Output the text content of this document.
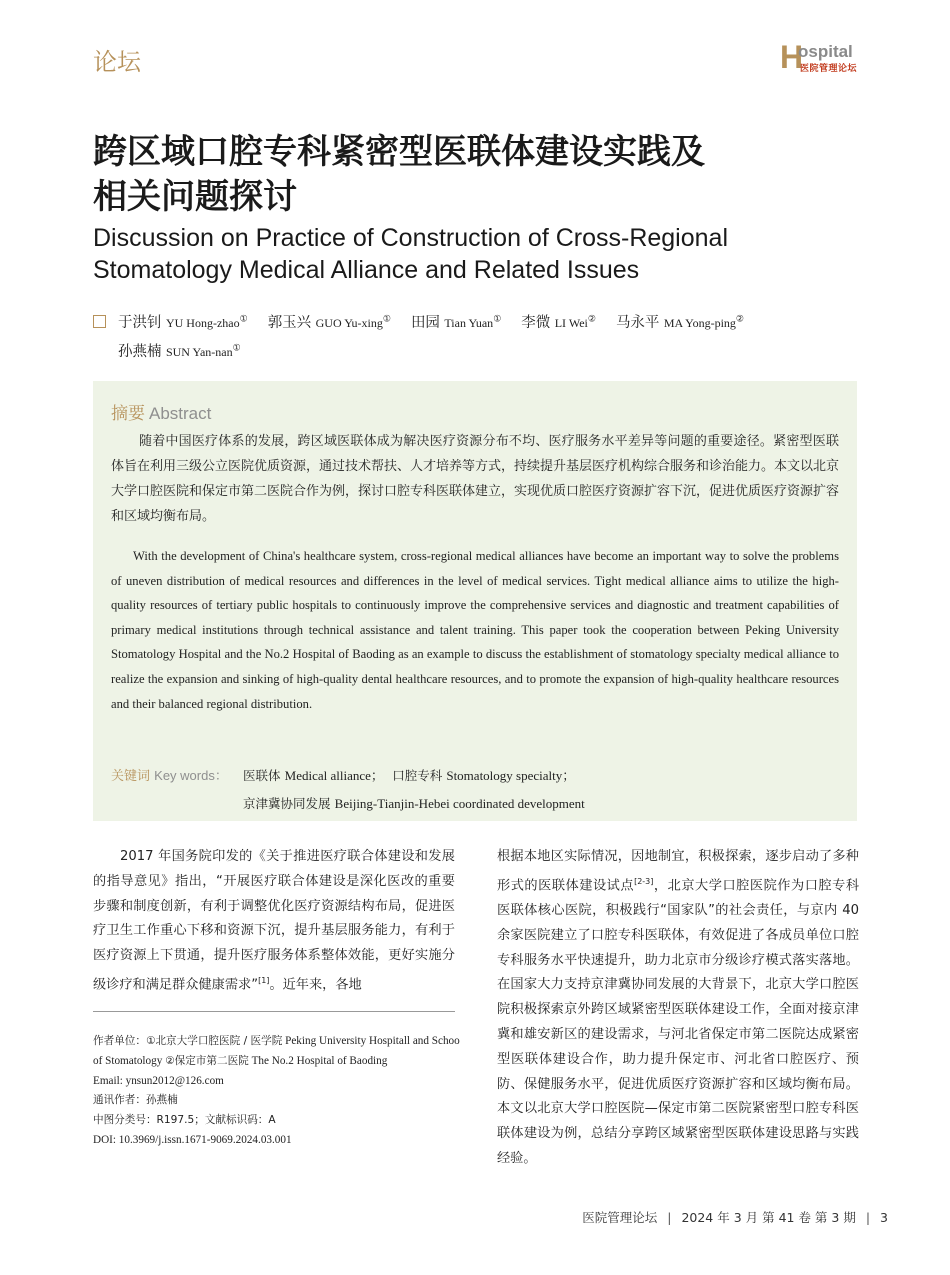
论坛	H
ospital
医院管理论坛
跨区域口腔专科紧密型医联体建设实践及
相关问题探讨
Discussion on Practice of Construction of Cross-Regional
Stomatology Medical Alliance and Related Issues
于洪钊 YU Hong-zhao① 郭玉兴 GUO Yu-xing① 田园 Tian Yuan① 李微 LI Wei② 马永平 MA Yong-ping②
孙燕楠 SUN Yan-nan①
摘要 Abstract
随着中国医疗体系的发展，跨区域医联体成为解决医疗资源分布不均、医疗服务水平差异等问题的重要途径。紧密型医联体旨在利用三级公立医院优质资源，通过技术帮扶、人才培养等方式，持续提升基层医疗机构综合服务和诊治能力。本文以北京大学口腔医院和保定市第二医院合作为例，探讨口腔专科医联体建立，实现优质口腔医疗资源扩容下沉，促进优质医疗资源扩容和区域均衡布局。
With the development of China's healthcare system, cross-regional medical alliances have become an important way to solve the problems of uneven distribution of medical resources and differences in the level of medical services. Tight medical alliance aims to utilize the high-quality resources of tertiary public hospitals to continuously improve the comprehensive services and diagnostic and treatment capabilities of primary medical institutions through technical assistance and talent training. This paper took the cooperation between Peking University Stomatology Hospital and the No.2 Hospital of Baoding as an example to discuss the establishment of stomatology specialty medical alliance to realize the expansion and sinking of high-quality dental healthcare resources, and to promote the expansion of high-quality healthcare resources and their balanced regional distribution.
关键词 Key words： 医联体 Medical alliance； 口腔专科 Stomatology specialty；
京津冀协同发展 Beijing-Tianjin-Hebei coordinated development

2017 年国务院印发的《关于推进医疗联合体建设和发展的指导意见》指出，“开展医疗联合体建设是深化医改的重要步骤和制度创新，有利于调整优化医疗资源结构布局，促进医疗卫生工作重心下移和资源下沉，提升基层服务能力，有利于医疗资源上下贯通，提升医疗服务体系整体效能，更好实施分级诊疗和满足群众健康需求”[1]。近年来，各地

根据本地区实际情况，因地制宜，积极探索，逐步启动了多种形式的医联体建设试点[2-3]，北京大学口腔医院作为口腔专科医联体核心医院，积极践行“国家队”的社会责任，与京内 40 余家医院建立了口腔专科医联体，有效促进了各成员单位口腔专科服务水平快速提升，助力北京市分级诊疗模式落实落地。在国家大力支持京津冀协同发展的大背景下，北京大学口腔医院积极探索京外跨区域紧密型医联体建设工作，全面对接京津冀和雄安新区的建设需求，与河北省保定市第二医院达成紧密型医联体建设合作，助力提升保定市、河北省口腔医疗、预防、保健服务水平，促进优质医疗资源扩容和区域均衡布局。本文以北京大学口腔医院—保定市第二医院紧密型口腔专科医联体建设为例，总结分享跨区域紧密型医联体建设思路与实践经验。

作者单位：①北京大学口腔医院 / 医学院 Peking University Hospitall and Schoo of Stomatology ②保定市第二医院 The No.2 Hospital of Baoding
Email: ynsun2012@126.com
通讯作者：孙燕楠
中图分类号：R197.5；文献标识码：A
DOI: 10.3969/j.issn.1671-9069.2024.03.001
医院管理论坛 | 2024 年 3 月 第 41 卷 第 3 期 | 3
